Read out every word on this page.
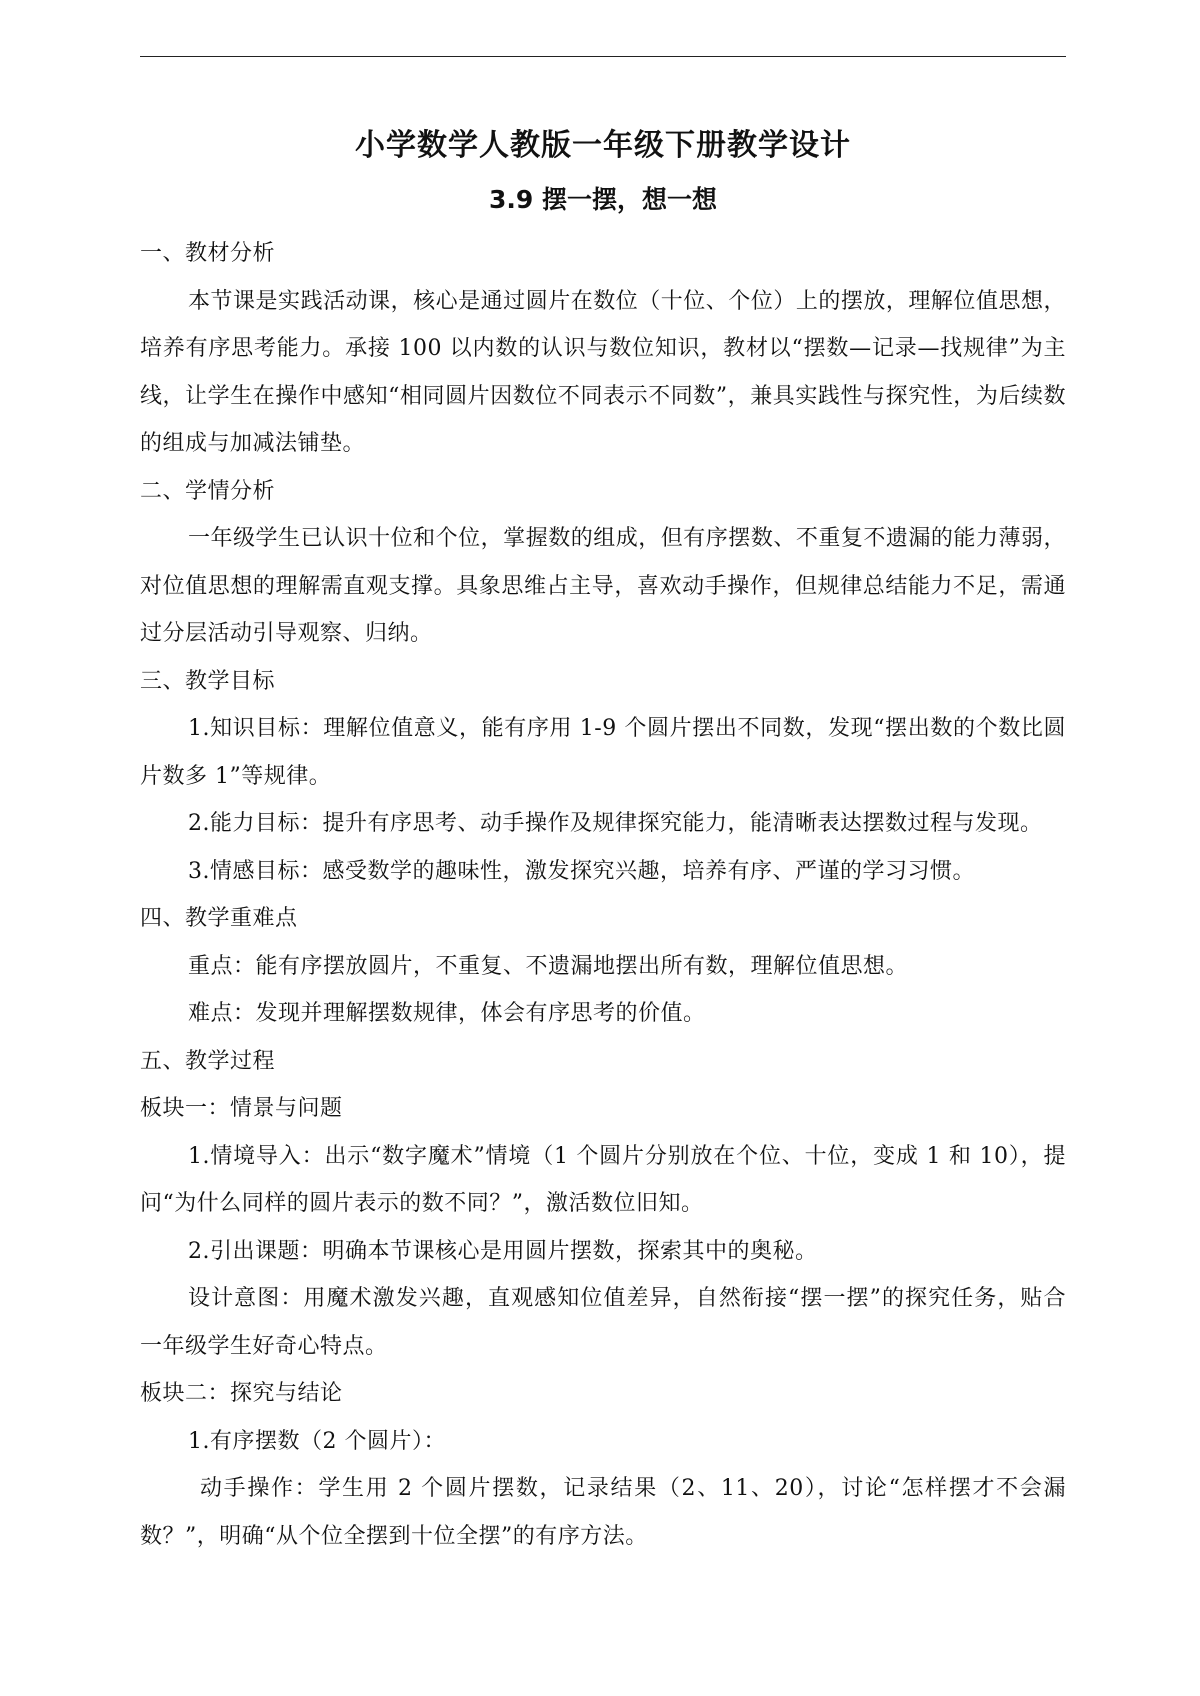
小学数学人教版一年级下册教学设计
3.9 摆一摆，想一想

一、教材分析

本节课是实践活动课，核心是通过圆片在数位（十位、个位）上的摆放，理解位值思想，培养有序思考能力。承接 100 以内数的认识与数位知识，教材以“摆数—记录—找规律”为主线，让学生在操作中感知“相同圆片因数位不同表示不同数”，兼具实践性与探究性，为后续数的组成与加减法铺垫。

二、学情分析

一年级学生已认识十位和个位，掌握数的组成，但有序摆数、不重复不遗漏的能力薄弱，对位值思想的理解需直观支撑。具象思维占主导，喜欢动手操作，但规律总结能力不足，需通过分层活动引导观察、归纳。

三、教学目标

1.知识目标：理解位值意义，能有序用 1-9 个圆片摆出不同数，发现“摆出数的个数比圆片数多 1”等规律。

2.能力目标：提升有序思考、动手操作及规律探究能力，能清晰表达摆数过程与发现。

3.情感目标：感受数学的趣味性，激发探究兴趣，培养有序、严谨的学习习惯。

四、教学重难点

重点：能有序摆放圆片，不重复、不遗漏地摆出所有数，理解位值思想。

难点：发现并理解摆数规律，体会有序思考的价值。

五、教学过程

板块一：情景与问题

1.情境导入：出示“数字魔术”情境（1 个圆片分别放在个位、十位，变成 1 和 10），提问“为什么同样的圆片表示的数不同？”，激活数位旧知。

2.引出课题：明确本节课核心是用圆片摆数，探索其中的奥秘。

设计意图：用魔术激发兴趣，直观感知位值差异，自然衔接“摆一摆”的探究任务，贴合一年级学生好奇心特点。

板块二：探究与结论

1.有序摆数（2 个圆片）：

动手操作：学生用 2 个圆片摆数，记录结果（2、11、20），讨论“怎样摆才不会漏数？”，明确“从个位全摆到十位全摆”的有序方法。
